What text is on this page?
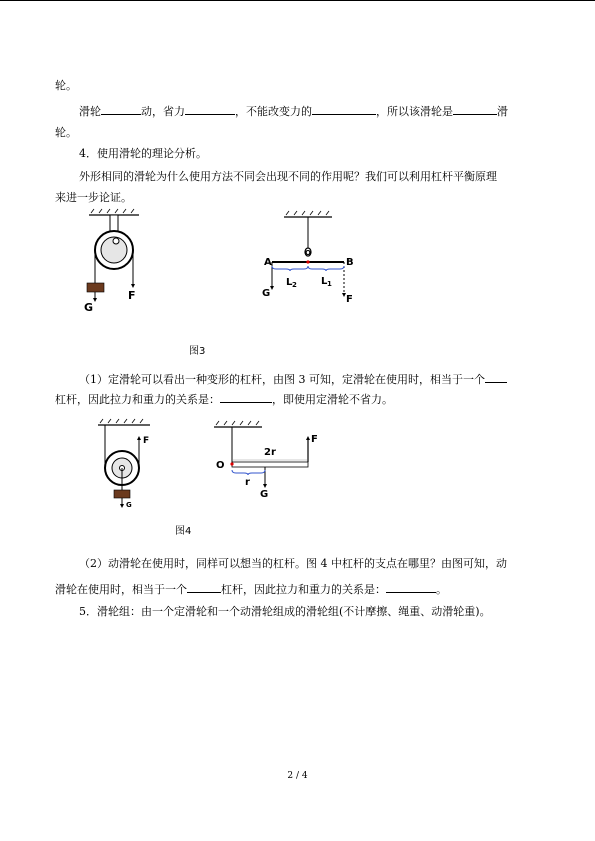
轮。
滑轮	动，省力	，不能改变力的	，所以该滑轮是	滑
轮。
4．使用滑轮的理论分析。
外形相同的滑轮为什么使用方法不同会出现不同的作用呢？我们可以利用杠杆平衡原理
来进一步论证。
G
F
A	B
G
F
L 2 L 1
O
图3
（1）定滑轮可以看出一种变形的杠杆，由图 3 可知，定滑轮在使用时，相当于一个
杠杆，因此拉力和重力的关系是：	，即使用定滑轮不省力。
F
G
O
F
G
2r
r
图4
（2）动滑轮在使用时，同样可以想当的杠杆。图 4 中杠杆的支点在哪里？由图可知，动
滑轮在使用时，相当于一个	杠杆，因此拉力和重力的关系是：	。
5．滑轮组：由一个定滑轮和一个动滑轮组成的滑轮组(不计摩擦、绳重、动滑轮重)。
2 / 4
